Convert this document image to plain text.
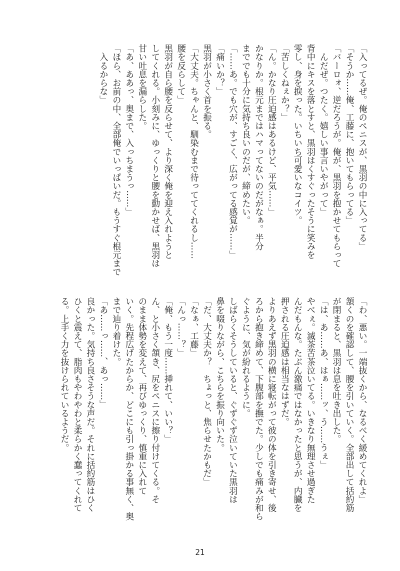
「入ってるぜ。俺のペニスが、黒羽の中に入ってる」
「そうか……俺、工藤に、抱いてもらってる」
「バーロォ、逆だろうが。俺が、黒羽を抱かせてもらって
　んだぜ。つたく。嬉しい事言いやがって」
背中にキスを落とすと、黒羽はくすぐったそうに笑みを
零し、身を捩った。いちいち可愛いなコイツ。
「苦しくねぇか？」
「ん。かなり圧迫感はあるけど、平気……」
かなりか。根元まではハマってないのだがなぁ。半分
まででも十分に気持ち良いのだが、締めたい。
「……あ。でも穴が、すごく、広がってる感覚が……」
「痛いか？」
黒羽が小さく首を振る。
「大丈夫。ちゃんと、馴染むまで待っててくれるし……
腰を反らして」
黒羽が自ら腰を反らせて、より深く俺を迎え入れようと
してくれる。小刻みに、ゆっくりと腰を動かせば、黒羽は
甘い吐息を漏らした。
「あ、ああっ、奥まで、入っちまうっ……」
「ほら、お前の中、全部俺でいっぱいだ。もうすぐ根元まで
　入るからな」
「わ、悪い。一端抜くから、なるべく緩めてくれよ」
頷くのを確認して、腰を引いていく。全部出して括約筋
が閉まると、黒羽は息を吐き出した。
「は、あ……あ、はぁ……ッ、う……うぇ」
やべぇ。滅茶苦茶泣いてる。いきなり無理させ過ぎた
んだもんな。たぶん激痛ではなかったと思うが、内臓を
押される圧迫感は相当なはずだ。
よりあえず黒羽の横に寝転がって彼の体を引き寄せ、後
ろから抱き締めて、下腹部を撫でた。少しでも痛みが和ら
ぐように、気が紛れるように。
しばらくそうしていると、ぐずぐず泣いていた黒羽は
鼻を啜りながら、こちらを振り向いた。
「だ、大丈夫か？　ちょっと、焦らせたかもだ」
「なぁ、工藤」
「んっ……？」
「俺、もう一度……挿れて、いい？」
ん、と小さく頷き、尻をペニスに擦り付けてくる。そ
のまま体勢を変えて、再びゆっくり、慎重に入れて
いく。先程広げたからか、どこにも引っ掛かる事無く、奥
まで辿り着けた。
「あ……っ……、あっ……」
良かった。気持ち良さそうな声だ。それに括約筋はひく
ひくと震えて、脂肉もやわやわと柔らかく蠢ってくれて
る。上手く力を抜けられているようだ。
21
